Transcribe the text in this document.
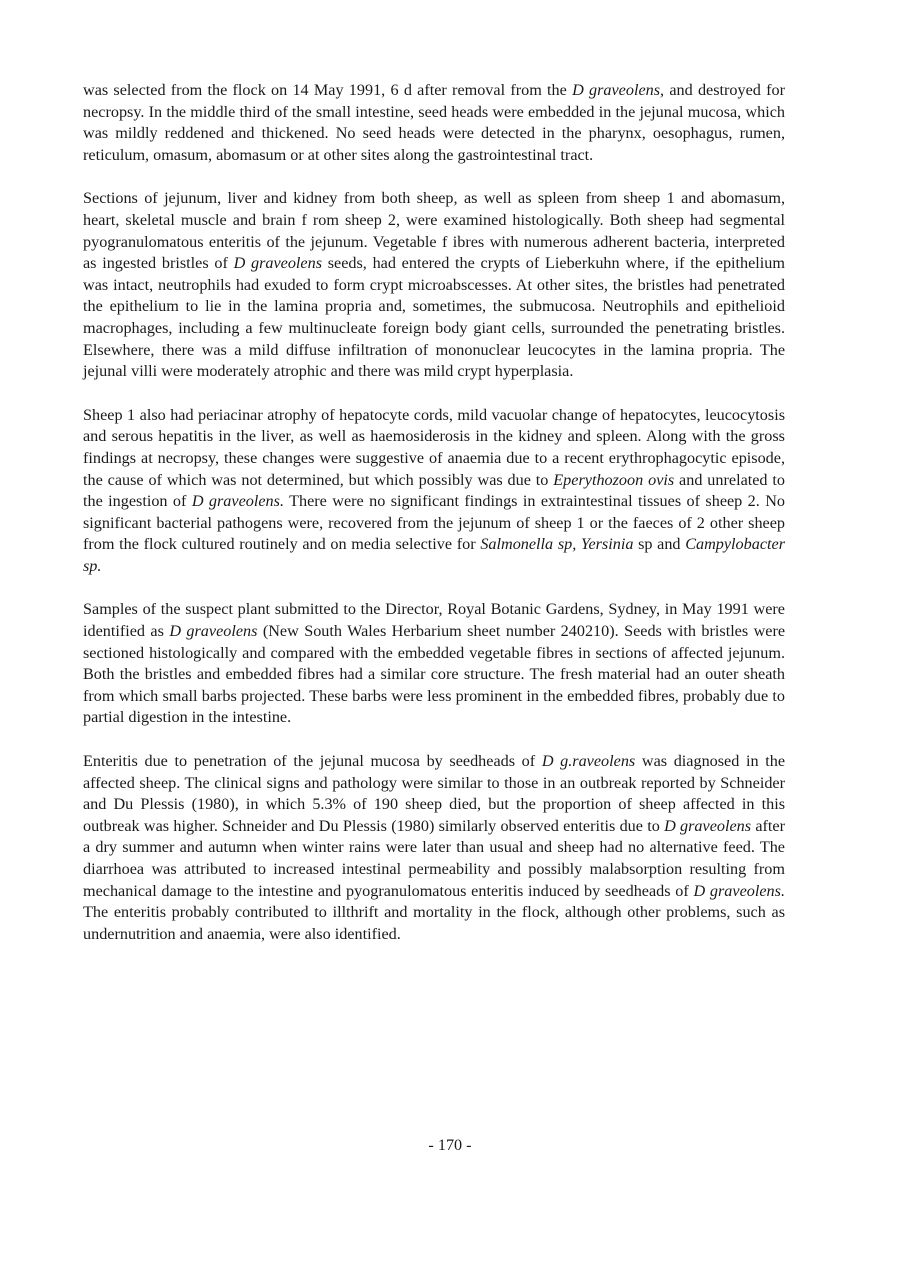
was selected from the flock on 14 May 1991, 6 d after removal from the D graveolens, and destroyed for necropsy. In the middle third of the small intestine, seed heads were embedded in the jejunal mucosa, which was mildly reddened and thickened. No seed heads were detected in the pharynx, oesophagus, rumen, reticulum, omasum, abomasum or at other sites along the gastrointestinal tract.

Sections of jejunum, liver and kidney from both sheep, as well as spleen from sheep 1 and abomasum, heart, skeletal muscle and brain f rom sheep 2, were examined histologically. Both sheep had segmental pyogranulomatous enteritis of the jejunum. Vegetable f ibres with numerous adherent bacteria, interpreted as ingested bristles of D graveolens seeds, had entered the crypts of Lieberkuhn where, if the epithelium was intact, neutrophils had exuded to form crypt microabscesses. At other sites, the bristles had penetrated the epithelium to lie in the lamina propria and, sometimes, the submucosa. Neutrophils and epithelioid macrophages, including a few multinucleate foreign body giant cells, surrounded the penetrating bristles. Elsewhere, there was a mild diffuse infiltration of mononuclear leucocytes in the lamina propria. The jejunal villi were moderately atrophic and there was mild crypt hyperplasia.

Sheep 1 also had periacinar atrophy of hepatocyte cords, mild vacuolar change of hepatocytes, leucocytosis and serous hepatitis in the liver, as well as haemosiderosis in the kidney and spleen. Along with the gross findings at necropsy, these changes were suggestive of anaemia due to a recent erythrophagocytic episode, the cause of which was not determined, but which possibly was due to Eperythozoon ovis and unrelated to the ingestion of D graveolens. There were no significant findings in extraintestinal tissues of sheep 2. No significant bacterial pathogens were, recovered from the jejunum of sheep 1 or the faeces of 2 other sheep from the flock cultured routinely and on media selective for Salmonella sp, Yersinia sp and Campylobacter sp.

Samples of the suspect plant submitted to the Director, Royal Botanic Gardens, Sydney, in May 1991 were identified as D graveolens (New South Wales Herbarium sheet number 240210). Seeds with bristles were sectioned histologically and compared with the embedded vegetable fibres in sections of affected jejunum. Both the bristles and embedded fibres had a similar core structure. The fresh material had an outer sheath from which small barbs projected. These barbs were less prominent in the embedded fibres, probably due to partial digestion in the intestine.

Enteritis due to penetration of the jejunal mucosa by seedheads of D g.raveolens was diagnosed in the affected sheep. The clinical signs and pathology were similar to those in an outbreak reported by Schneider and Du Plessis (1980), in which 5.3% of 190 sheep died, but the proportion of sheep affected in this outbreak was higher. Schneider and Du Plessis (1980) similarly observed enteritis due to D graveolens after a dry summer and autumn when winter rains were later than usual and sheep had no alternative feed. The diarrhoea was attributed to increased intestinal permeability and possibly malabsorption resulting from mechanical damage to the intestine and pyogranulomatous enteritis induced by seedheads of D graveolens. The enteritis probably contributed to illthrift and mortality in the flock, although other problems, such as undernutrition and anaemia, were also identified.

- 170 -
